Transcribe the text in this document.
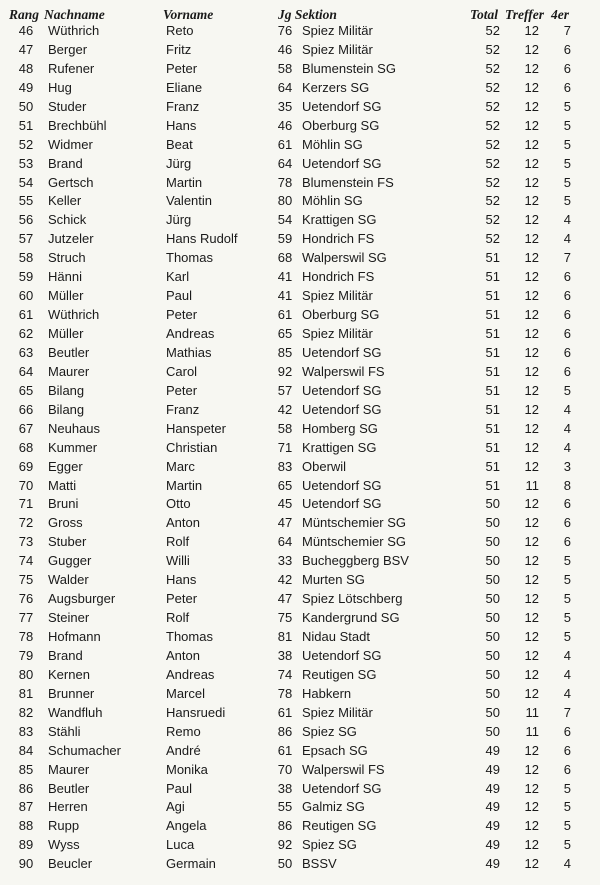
Rang Nachname	Vorname	Jg Sektion	Total Treffer 4er
46	Wüthrich	Reto	76 Spiez Militär	52 12 7
47	Berger	Fritz	46 Spiez Militär	52 12 6
48	Rufener	Peter	58 Blumenstein SG	52 12 6
49	Hug	Eliane	64 Kerzers SG	52 12 6
50	Studer	Franz	35 Uetendorf SG	52 12 5
51	Brechbühl	Hans	46 Oberburg SG	52 12 5
52	Widmer	Beat	61 Möhlin SG	52 12 5
53	Brand	Jürg	64 Uetendorf SG	52 12 5
54	Gertsch	Martin	78 Blumenstein FS	52 12 5
55	Keller	Valentin	80 Möhlin SG	52 12 5
56	Schick	Jürg	54 Krattigen SG	52 12 4
57	Jutzeler	Hans Rudolf	59 Hondrich FS	52 12 4
58	Struch	Thomas	68 Walperswil SG	51 12 7
59	Hänni	Karl	41 Hondrich FS	51 12 6
60	Müller	Paul	41 Spiez Militär	51 12 6
61	Wüthrich	Peter	61 Oberburg SG	51 12 6
62	Müller	Andreas	65 Spiez Militär	51 12 6
63	Beutler	Mathias	85 Uetendorf SG	51 12 6
64	Maurer	Carol	92 Walperswil FS	51 12 6
65	Bilang	Peter	57 Uetendorf SG	51 12 5
66	Bilang	Franz	42 Uetendorf SG	51 12 4
67	Neuhaus	Hanspeter	58 Homberg SG	51 12 4
68	Kummer	Christian	71 Krattigen SG	51 12 4
69	Egger	Marc	83 Oberwil	51 12 3
70	Matti	Martin	65 Uetendorf SG	51	11 8
71	Bruni	Otto	45 Uetendorf SG	50 12 6
72	Gross	Anton	47 Müntschemier SG	50 12 6
73	Stuber	Rolf	64 Müntschemier SG	50 12 6
74	Gugger	Willi	33 Bucheggberg BSV	50 12 5
75	Walder	Hans	42 Murten SG	50 12 5
76	Augsburger	Peter	47 Spiez Lötschberg	50 12 5
77	Steiner	Rolf	75 Kandergrund SG	50 12 5
78	Hofmann	Thomas	81 Nidau Stadt	50 12 5
79	Brand	Anton	38 Uetendorf SG	50 12 4
80	Kernen	Andreas	74 Reutigen SG	50 12 4
81	Brunner	Marcel	78 Habkern	50 12 4
82	Wandfluh	Hansruedi	61 Spiez Militär	50	11 7
83	Stähli	Remo	86 Spiez SG	50	11 6
84	Schumacher	André	61 Epsach SG	49 12 6
85	Maurer	Monika	70 Walperswil FS	49 12 6
86	Beutler	Paul	38 Uetendorf SG	49 12 5
87	Herren	Agi	55 Galmiz SG	49 12 5
88	Rupp	Angela	86 Reutigen SG	49 12 5
89	Wyss	Luca	92 Spiez SG	49 12 5
90	Beucler	Germain	50 BSSV	49 12 4
